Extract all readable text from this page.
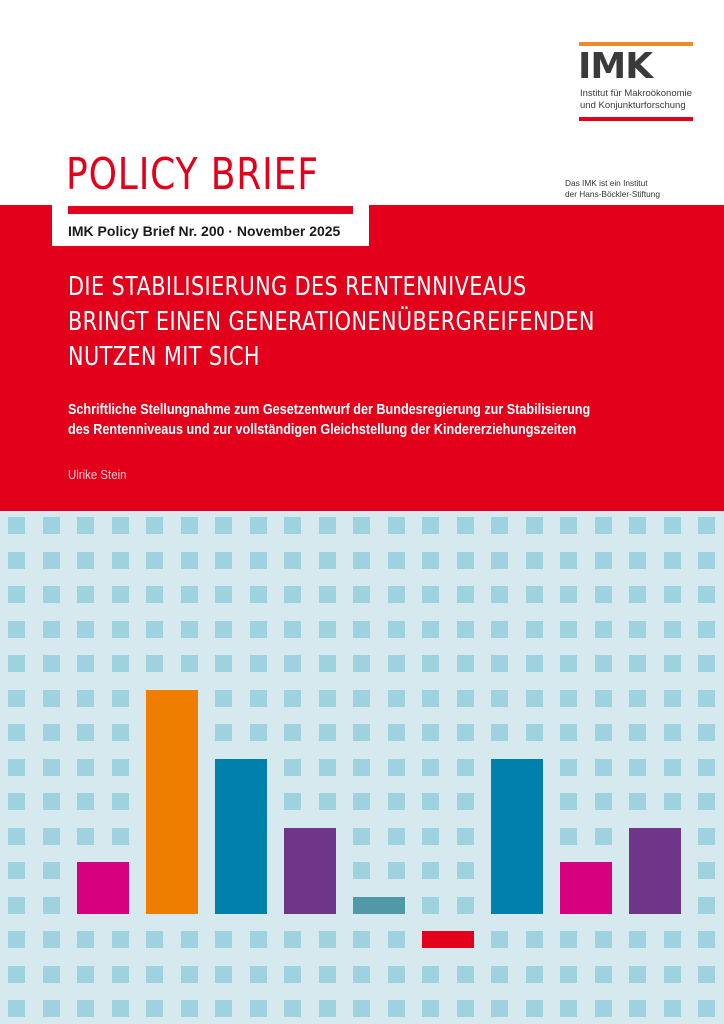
IMK
Institut für Makroökonomie
und Konjunkturforschung
Das IMK ist ein Institut
der Hans-Böckler-Stiftung
POLICY BRIEF
IMK Policy Brief Nr. 200 · November 2025
DIE STABILISIERUNG DES RENTENNIVEAUS
BRINGT EINEN GENERATIONENÜBERGREIFENDEN
NUTZEN MIT SICH
Schriftliche Stellungnahme zum Gesetzentwurf der Bundesregierung zur Stabilisierung
des Rentenniveaus und zur vollständigen Gleichstellung der Kindererziehungszeiten
Ulrike Stein
